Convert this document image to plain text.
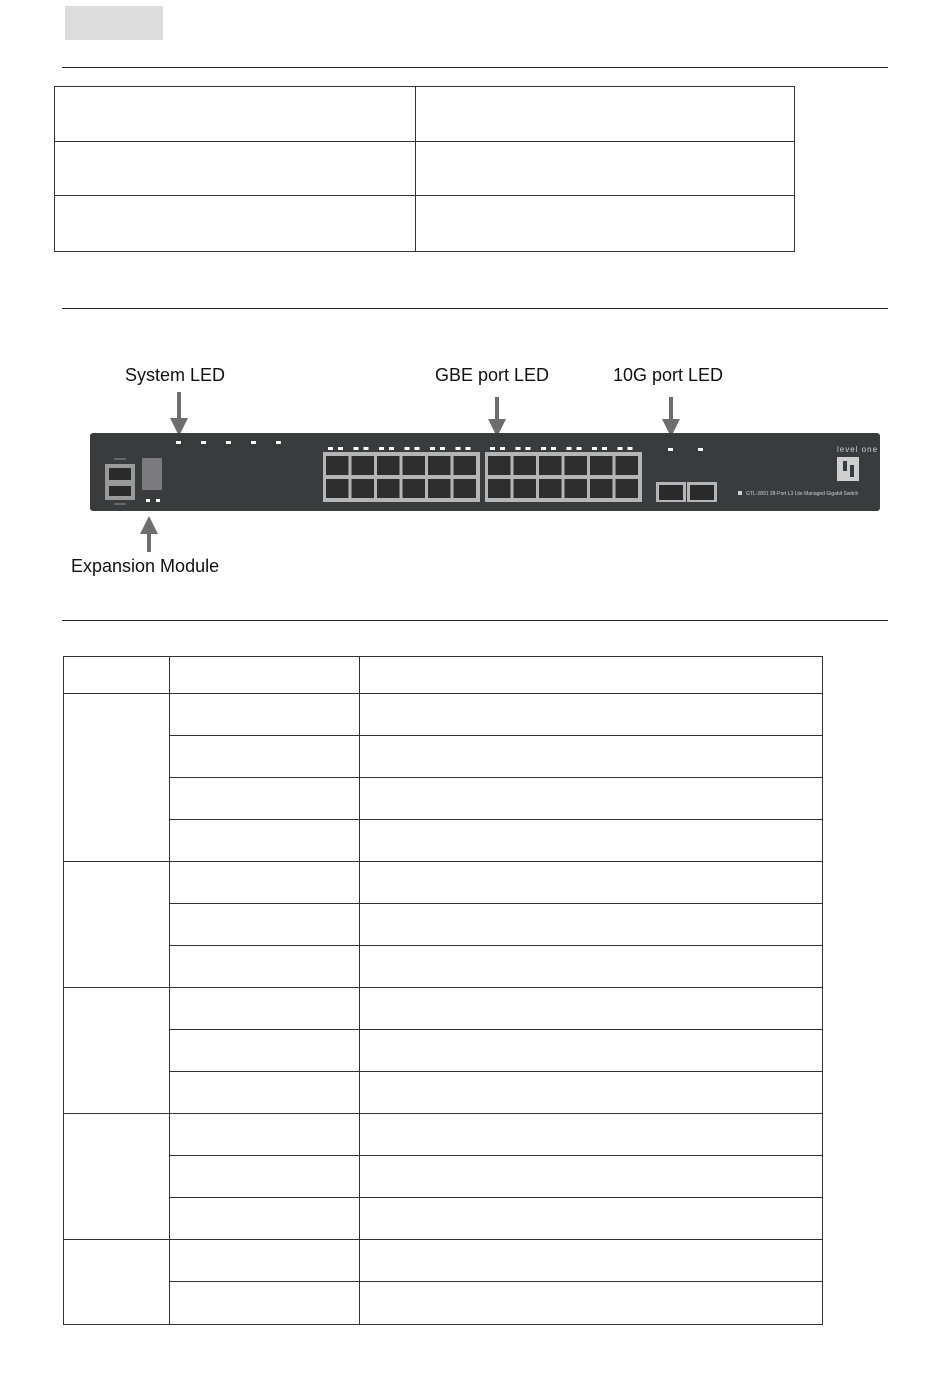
System LED	GBE port LED	10G port LED
Expansion Module
level one
GTL-2891 28-Port L3 Lite Managed Gigabit Switch
